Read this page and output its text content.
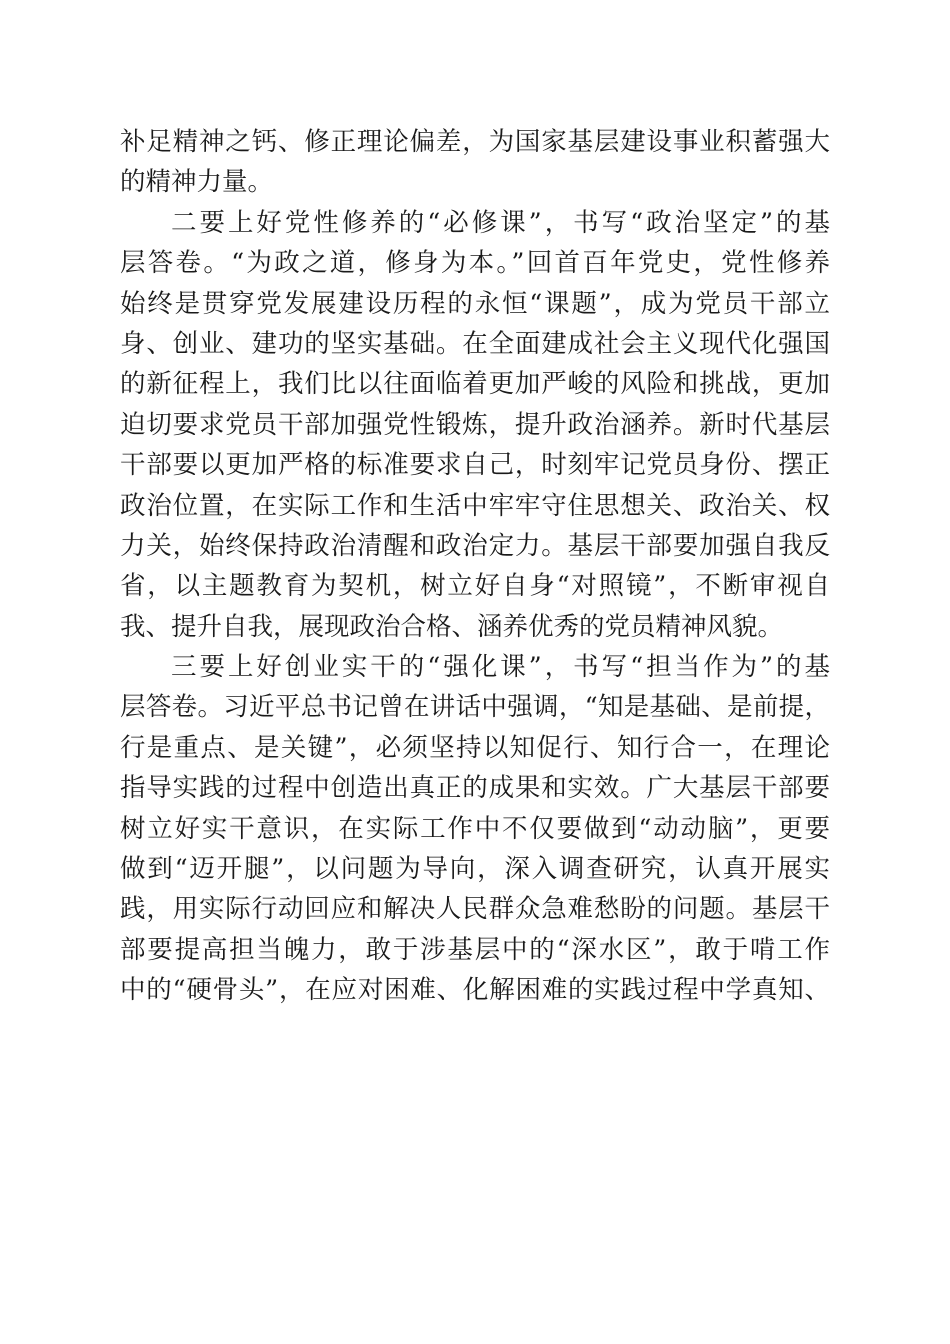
补足精神之钙、修正理论偏差，为国家基层建设事业积蓄强大
的精神力量。
二要上好党性修养的“必修课”，书写“政治坚定”的基
层答卷。“为政之道，修身为本。”回首百年党史，党性修养
始终是贯穿党发展建设历程的永恒“课题”，成为党员干部立
身、创业、建功的坚实基础。在全面建成社会主义现代化强国
的新征程上，我们比以往面临着更加严峻的风险和挑战，更加
迫切要求党员干部加强党性锻炼，提升政治涵养。新时代基层
干部要以更加严格的标准要求自己，时刻牢记党员身份、摆正
政治位置，在实际工作和生活中牢牢守住思想关、政治关、权
力关，始终保持政治清醒和政治定力。基层干部要加强自我反
省，以主题教育为契机，树立好自身“对照镜”，不断审视自
我、提升自我，展现政治合格、涵养优秀的党员精神风貌。
三要上好创业实干的“强化课”，书写“担当作为”的基
层答卷。习近平总书记曾在讲话中强调，“知是基础、是前提，
行是重点、是关键”，必须坚持以知促行、知行合一，在理论
指导实践的过程中创造出真正的成果和实效。广大基层干部要
树立好实干意识，在实际工作中不仅要做到“动动脑”，更要
做到“迈开腿”，以问题为导向，深入调查研究，认真开展实
践，用实际行动回应和解决人民群众急难愁盼的问题。基层干
部要提高担当魄力，敢于涉基层中的“深水区”，敢于啃工作
中的“硬骨头”，在应对困难、化解困难的实践过程中学真知、
